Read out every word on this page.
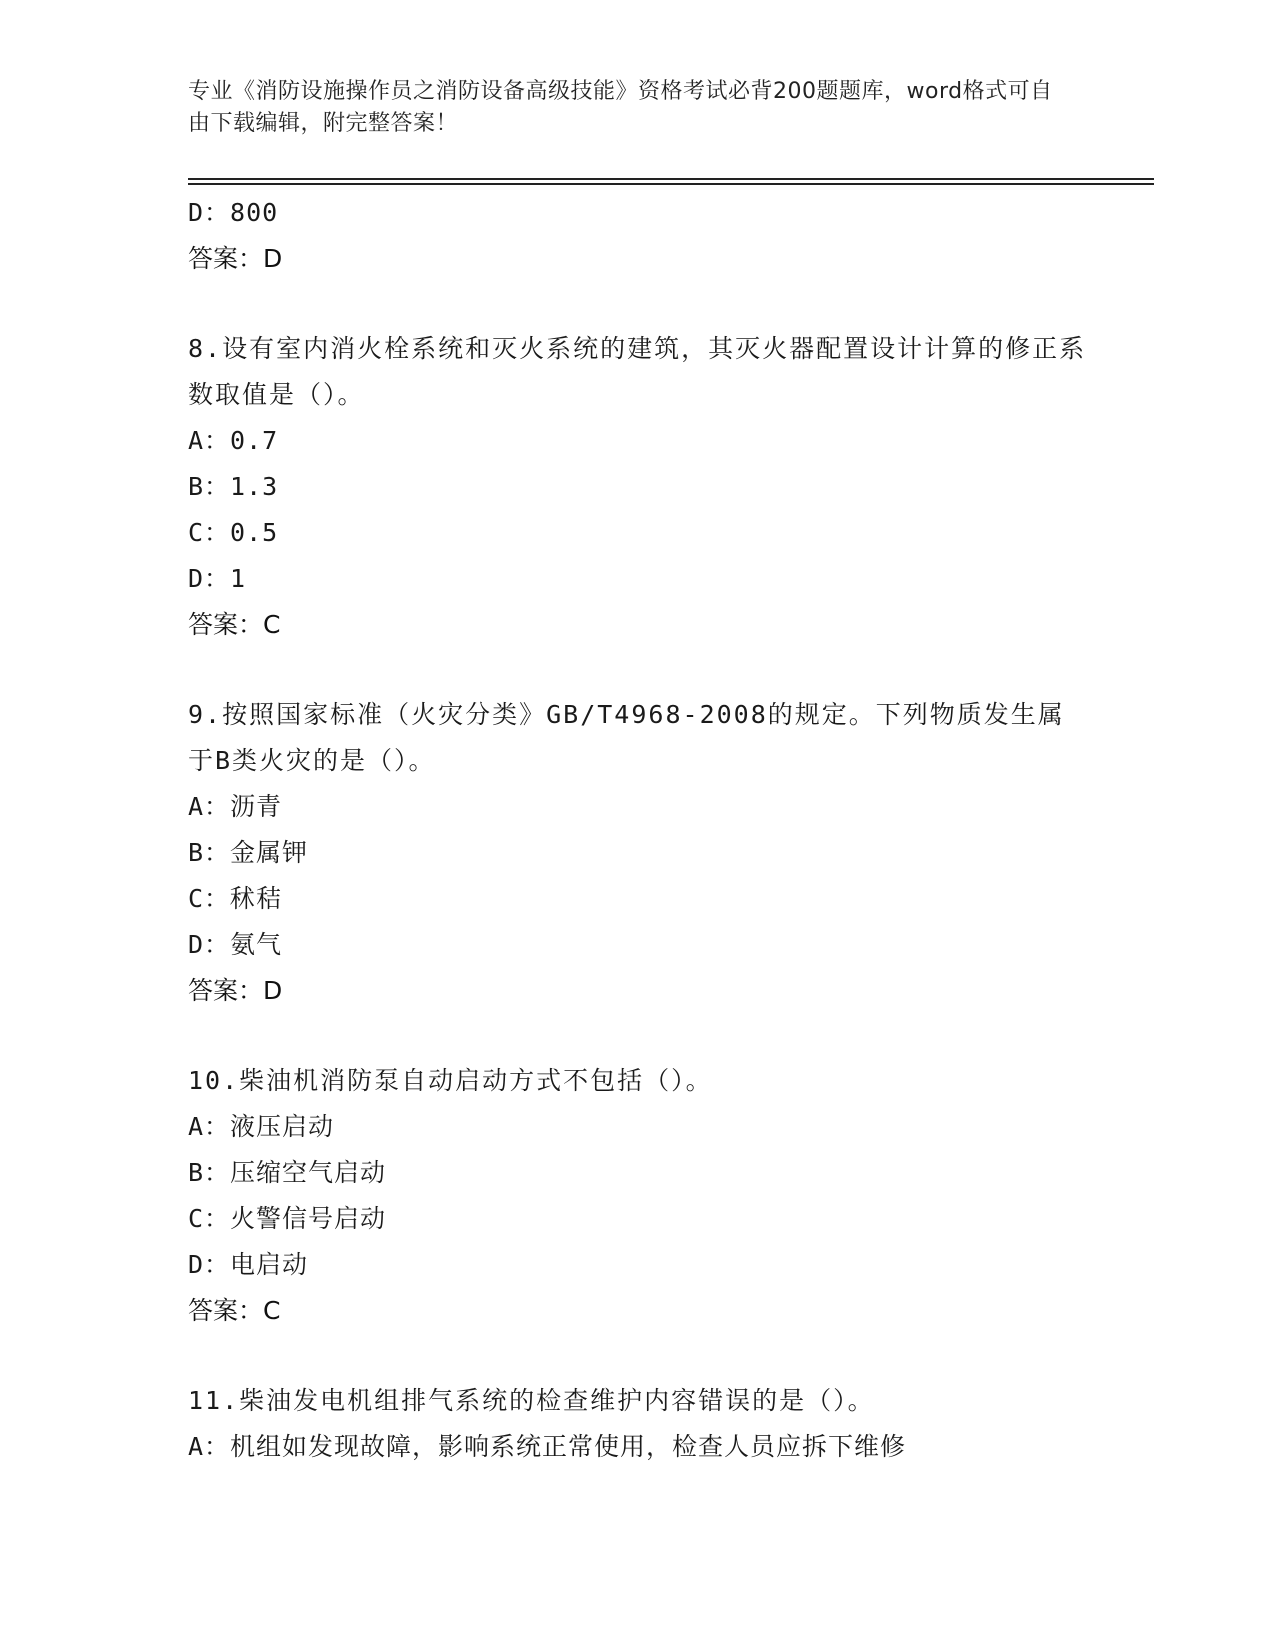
专业《消防设施操作员之消防设备高级技能》资格考试必背200题题库，word格式可自由下载编辑，附完整答案！
D：800
答案：D
8.设有室内消火栓系统和灭火系统的建筑，其灭火器配置设计计算的修正系数取值是（）。
A：0.7
B：1.3
C：0.5
D：1
答案：C
9.按照国家标准（火灾分类》GB/T4968-2008的规定。下列物质发生属于B类火灾的是（）。
A：沥青
B：金属钾
C：秫秸
D：氨气
答案：D
10.柴油机消防泵自动启动方式不包括（）。
A：液压启动
B：压缩空气启动
C：火警信号启动
D：电启动
答案：C
11.柴油发电机组排气系统的检查维护内容错误的是（）。
A：机组如发现故障，影响系统正常使用，检查人员应拆下维修
